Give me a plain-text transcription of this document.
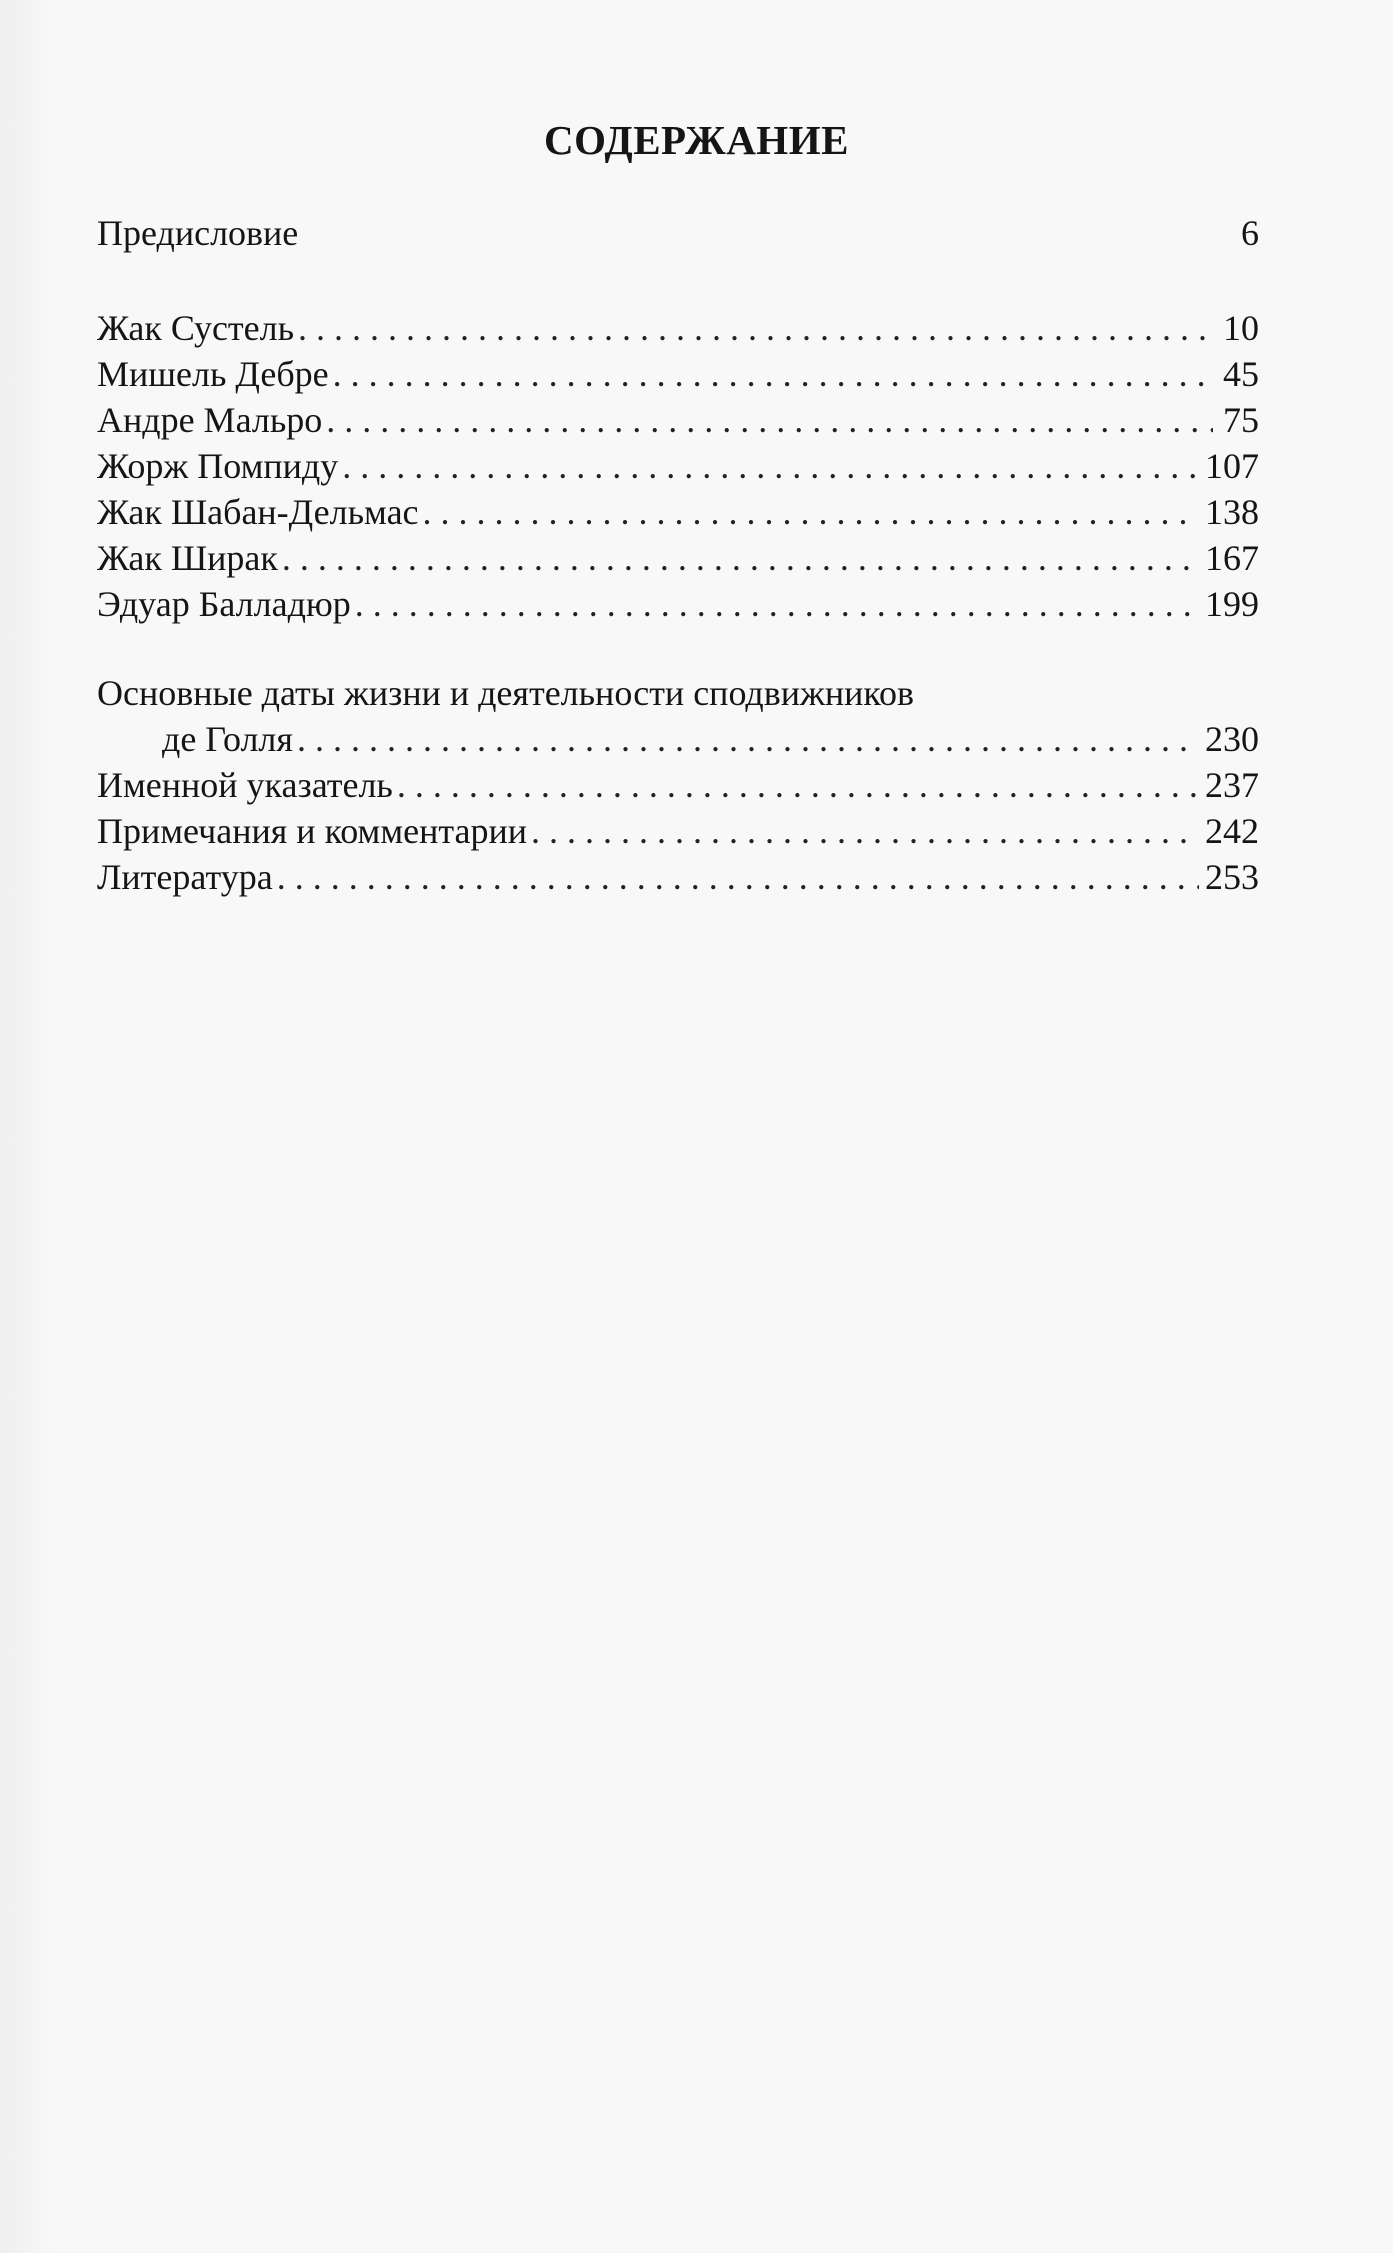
СОДЕРЖАНИЕ
Предисловие	6
Жак Сустель . . .	10
Мишель Дебре . . .	45
Андре Мальро . . .	75
Жорж Помпиду . . .	107
Жак Шабан-Дельмас . . .	138
Жак Ширак . . .	167
Эдуар Балладюр . . .	199
Основные даты жизни и деятельности сподвижников
де Голля . . .	230
Именной указатель . . .	237
Примечания и комментарии . . .	242
Литература . . .	253
